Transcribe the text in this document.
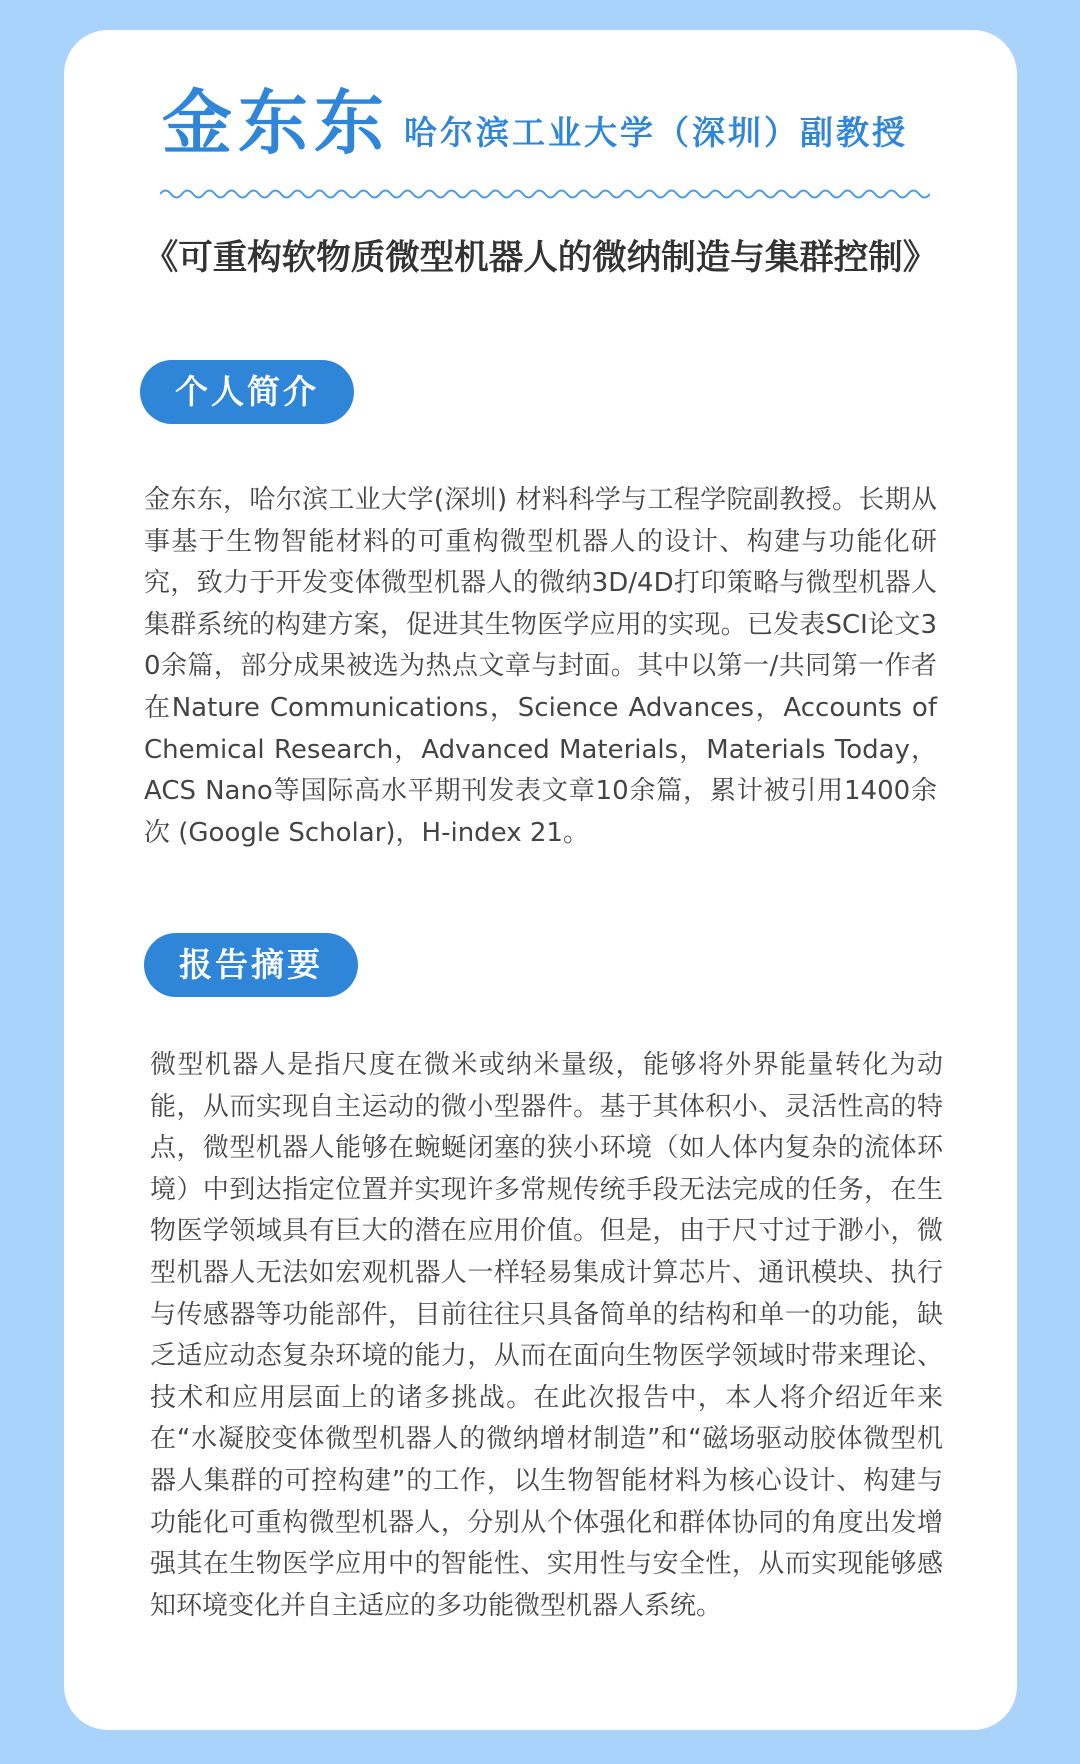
金东东 哈尔滨工业大学（深圳）副教授
《可重构软物质微型机器人的微纳制造与集群控制》
个人简介
金东东，哈尔滨工业大学(深圳) 材料科学与工程学院副教授。长期从事基于生物智能材料的可重构微型机器人的设计、构建与功能化研究，致力于开发变体微型机器人的微纳3D/4D打印策略与微型机器人集群系统的构建方案，促进其生物医学应用的实现。已发表SCI论文30余篇，部分成果被选为热点文章与封面。其中以第一/共同第一作者在Nature Communications，Science Advances，Accounts of Chemical Research，Advanced Materials，Materials Today，ACS Nano等国际高水平期刊发表文章10余篇，累计被引用1400余次 (Google Scholar)，H-index 21。
报告摘要
微型机器人是指尺度在微米或纳米量级，能够将外界能量转化为动能，从而实现自主运动的微小型器件。基于其体积小、灵活性高的特点，微型机器人能够在蜿蜒闭塞的狭小环境（如人体内复杂的流体环境）中到达指定位置并实现许多常规传统手段无法完成的任务，在生物医学领域具有巨大的潜在应用价值。但是，由于尺寸过于渺小，微型机器人无法如宏观机器人一样轻易集成计算芯片、通讯模块、执行与传感器等功能部件，目前往往只具备简单的结构和单一的功能，缺乏适应动态复杂环境的能力，从而在面向生物医学领域时带来理论、技术和应用层面上的诸多挑战。在此次报告中，本人将介绍近年来在“水凝胶变体微型机器人的微纳增材制造”和“磁场驱动胶体微型机器人集群的可控构建”的工作，以生物智能材料为核心设计、构建与功能化可重构微型机器人，分别从个体强化和群体协同的角度出发增强其在生物医学应用中的智能性、实用性与安全性，从而实现能够感知环境变化并自主适应的多功能微型机器人系统。
